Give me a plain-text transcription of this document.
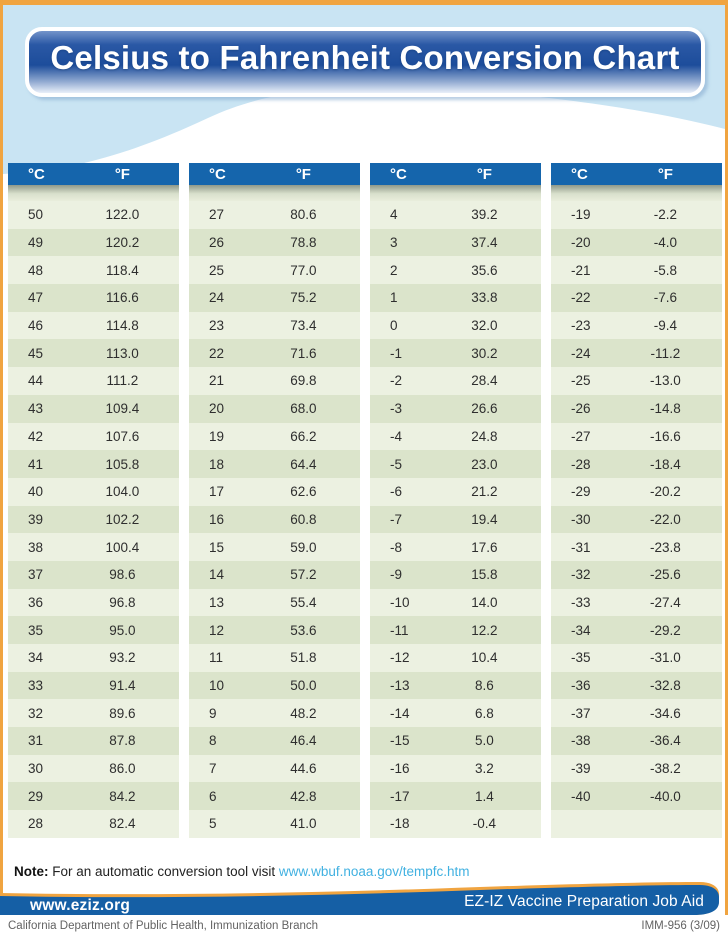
Celsius to Fahrenheit Conversion Chart
°C	°F
50	122.0
49	120.2
48	118.4
47	116.6
46	114.8
45	113.0
44	111.2
43	109.4
42	107.6
41	105.8
40	104.0
39	102.2
38	100.4
37	98.6
36	96.8
35	95.0
34	93.2
33	91.4
32	89.6
31	87.8
30	86.0
29	84.2
28	82.4
°C	°F
27	80.6
26	78.8
25	77.0
24	75.2
23	73.4
22	71.6
21	69.8
20	68.0
19	66.2
18	64.4
17	62.6
16	60.8
15	59.0
14	57.2
13	55.4
12	53.6
11	51.8
10	50.0
9	48.2
8	46.4
7	44.6
6	42.8
5	41.0
°C	°F
4	39.2
3	37.4
2	35.6
1	33.8
0	32.0
-1	30.2
-2	28.4
-3	26.6
-4	24.8
-5	23.0
-6	21.2
-7	19.4
-8	17.6
-9	15.8
-10	14.0
-11	12.2
-12	10.4
-13	8.6
-14	6.8
-15	5.0
-16	3.2
-17	1.4
-18	-0.4
°C	°F
-19	-2.2
-20	-4.0
-21	-5.8
-22	-7.6
-23	-9.4
-24	-11.2
-25	-13.0
-26	-14.8
-27	-16.6
-28	-18.4
-29	-20.2
-30	-22.0
-31	-23.8
-32	-25.6
-33	-27.4
-34	-29.2
-35	-31.0
-36	-32.8
-37	-34.6
-38	-36.4
-39	-38.2
-40	-40.0
Note: For an automatic conversion tool visit www.wbuf.noaa.gov/tempfc.htm
www.eziz.org	EZ-IZ Vaccine Preparation Job Aid
California Department of Public Health, Immunization Branch	IMM-956 (3/09)
